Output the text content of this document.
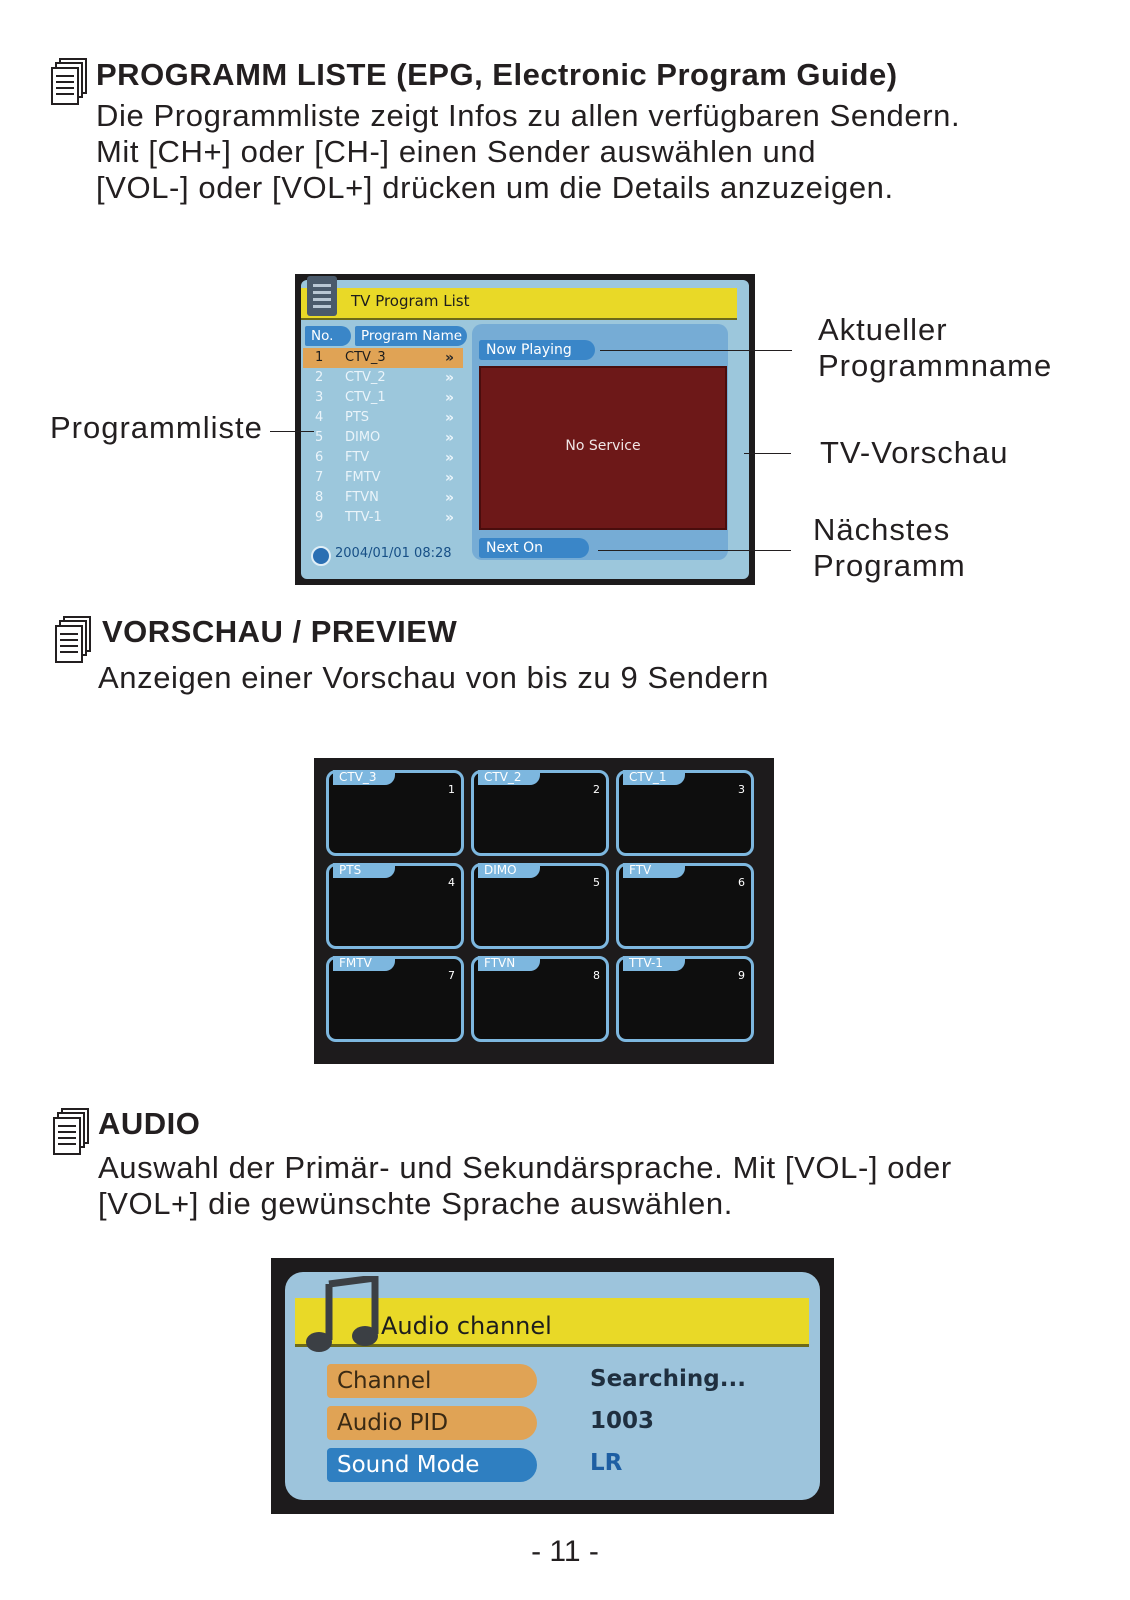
PROGRAMM LISTE (EPG, Electronic Program Guide)
Die Programmliste zeigt Infos zu allen verfügbaren Sendern.
Mit [CH+] oder [CH-] einen Sender auswählen und
[VOL-] oder [VOL+] drücken um die Details anzuzeigen.
TV Program List
No.	Program Name
1 CTV_3	»
2 CTV_2	»
3 CTV_1	»
4 PTS	»
5 DIMO	»
6 FTV	»
7 FMTV	»
8 FTVN	»
9 TTV-1	»
Now Playing
No Service
Next On
2004/01/01 08:28
Programmliste
Aktueller
Programmname
TV-Vorschau
Nächstes
Programm
VORSCHAU / PREVIEW
Anzeigen einer Vorschau von bis zu 9 Sendern
CTV_3
1
CTV_2
2
CTV_1
3
PTS
4
DIMO
5
FTV
6
FMTV
7
FTVN
8
TTV-1
9
AUDIO
Auswahl der Primär- und Sekundärsprache. Mit [VOL-] oder
[VOL+] die gewünschte Sprache auswählen.
Audio channel
Channel	Searching...
Audio PID	1003
Sound Mode	LR
- 11 -
